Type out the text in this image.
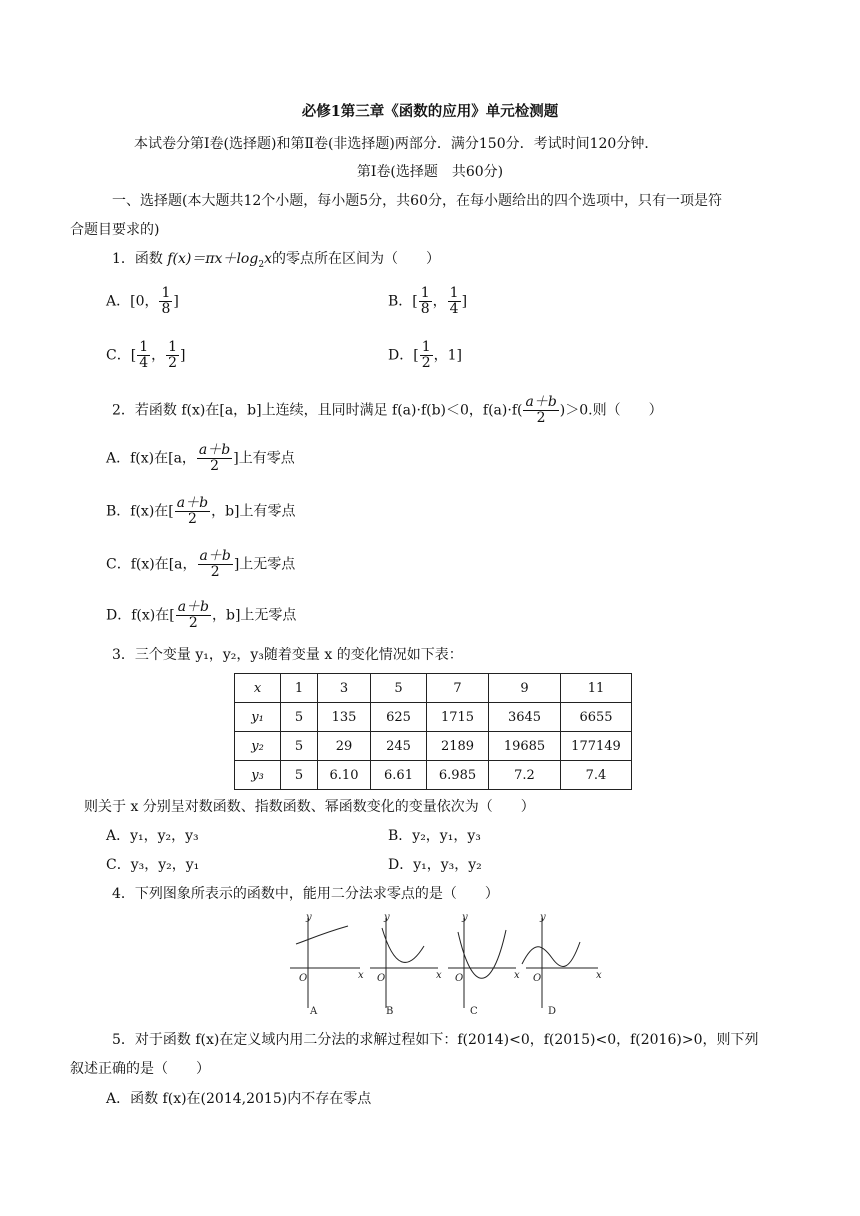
必修1第三章《函数的应用》单元检测题
本试卷分第Ⅰ卷(选择题)和第Ⅱ卷(非选择题)两部分．满分150分．考试时间120分钟．
第Ⅰ卷(选择题　共60分)
一、选择题(本大题共12个小题，每小题5分，共60分，在每小题给出的四个选项中，只有一项是符
合题目要求的)
1．函数 $f(x)=\pi x+\log_2x$的零点所在区间为（　　）
A．[0， $\frac{1}{8}$ ]	B．[ $\frac{1}{8}$ ， $\frac{1}{4}$ ]
C．[ $\frac{1}{4}$ ， $\frac{1}{2}$ ]	D．[ $\frac{1}{2}$ ，1]
2．若函数 f(x)在[a，b]上连续，且同时满足 f(a)·f(b)＜0，$f(a)\cdot f( \frac{a+b}{2} )>0$.则（　　）
A．f(x)在[a， $\frac{a+b}{2}$ ]上有零点
B．f(x)在[ $\frac{a+b}{2}$ ，b]上有零点
C．f(x)在[a， $\frac{a+b}{2}$ ]上无零点
D．f(x)在[ $\frac{a+b}{2}$ ，b]上无零点
3．三个变量 y₁，y₂，y₃随着变量 x 的变化情况如下表：
x	1	3	5	7	9	11
y₁	5	135	625	1715	3645	6655
y₂	5	29	245	2189	19685	177149
y₃	5	6.10	6.61	6.985	7.2	7.4
则关于 x 分别呈对数函数、指数函数、幂函数变化的变量依次为（　　）
A．y₁，y₂，y₃	B．y₂，y₁，y₃
C．y₃，y₂，y₁	D．y₁，y₃，y₂
4．下列图象所表示的函数中，能用二分法求零点的是（　　）
y
x
O
y
x
O
y
x
O
y
x
O
A	B	C	D
5．对于函数 f(x)在定义域内用二分法的求解过程如下：f(2014)<0，f(2015)<0，f(2016)>0，则下列
叙述正确的是（　　）
A．函数 f(x)在(2014,2015)内不存在零点
